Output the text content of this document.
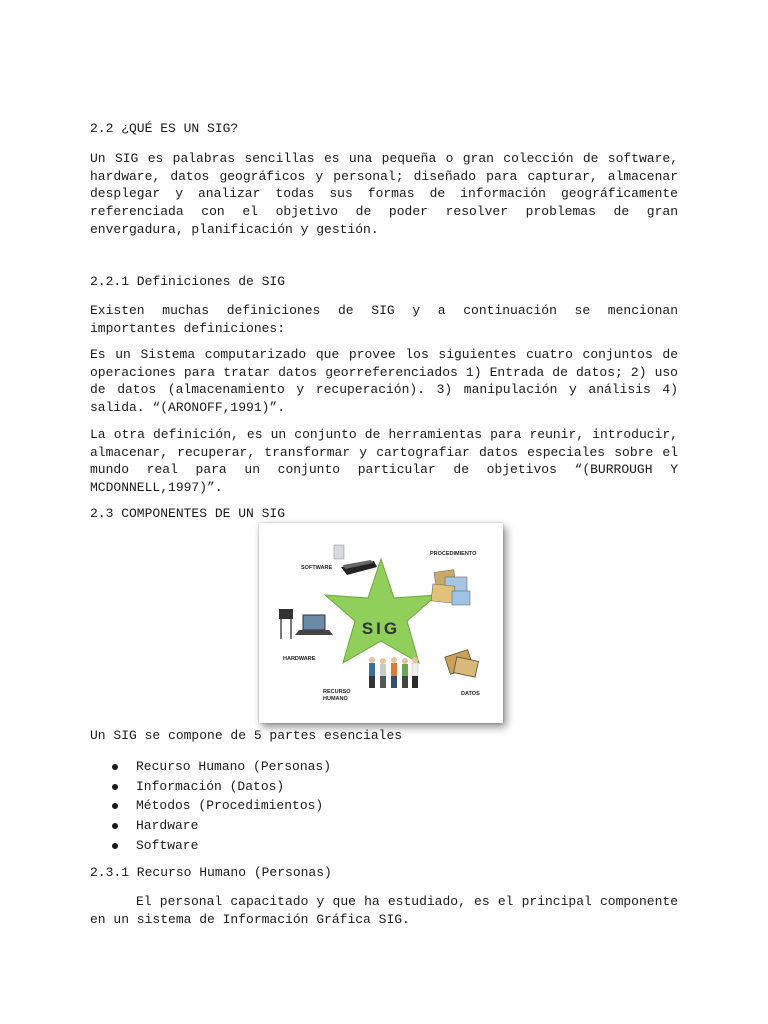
2.2 ¿QUÉ ES UN SIG?

Un SIG es palabras sencillas es una pequeña o gran colección de software, hardware, datos geográficos y personal; diseñado para capturar, almacenar desplegar y analizar todas sus formas de información geográficamente referenciada con el objetivo de poder resolver problemas de gran envergadura, planificación y gestión.

2.2.1 Definiciones de SIG

Existen muchas definiciones de SIG y a continuación se mencionan importantes definiciones:

Es un Sistema computarizado que provee los siguientes cuatro conjuntos de operaciones para tratar datos georreferenciados 1) Entrada de datos; 2) uso de datos (almacenamiento y recuperación). 3) manipulación y análisis 4) salida. “(ARONOFF,1991)”.

La otra definición, es un conjunto de herramientas para reunir, introducir, almacenar, recuperar, transformar y cartografiar datos especiales sobre el mundo real para un conjunto particular de objetivos “(BURROUGH Y MCDONNELL,1997)”.

2.3 COMPONENTES DE UN SIG
SIG
SOFTWARE
PROCEDIMIENTO
HARDWARE
RECURSO
HUMANO
DATOS

Un SIG se compone de 5 partes esenciales

Recurso Humano (Personas)
Información (Datos)
Métodos (Procedimientos)
Hardware
Software
2.3.1 Recurso Humano (Personas)

El personal capacitado y que ha estudiado, es el principal componente en un sistema de Información Gráfica SIG.
